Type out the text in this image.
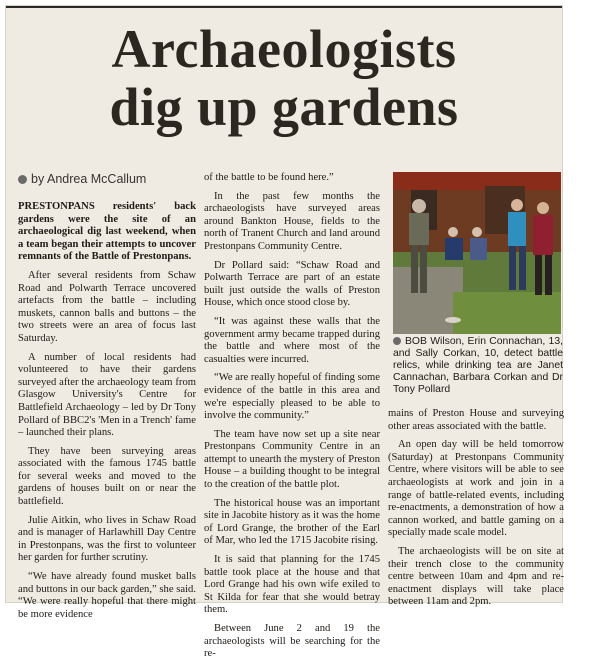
Archaeologists
dig up gardens
by Andrea McCallum

PRESTONPANS residents' back gardens were the site of an archaeological dig last weekend, when a team began their attempts to uncover remnants of the Battle of Prestonpans.

After several residents from Schaw Road and Polwarth Terrace uncovered artefacts from the battle – including muskets, cannon balls and buttons – the two streets were an area of focus last Saturday.

A number of local residents had volunteered to have their gardens surveyed after the archaeology team from Glasgow University's Centre for Battlefield Archaeology – led by Dr Tony Pollard of BBC2's 'Men in a Trench' fame – launched their plans.

They have been surveying areas associated with the famous 1745 battle for several weeks and moved to the gardens of houses built on or near the battlefield.

Julie Aitkin, who lives in Schaw Road and is manager of Harlawhill Day Centre in Prestonpans, was the first to volunteer her garden for further scrutiny.

“We have already found musket balls and buttons in our back garden,” she said. “We were really hopeful that there might be more evidence

of the battle to be found here.”

In the past few months the archaeologists have surveyed areas around Bankton House, fields to the north of Tranent Church and land around Prestonpans Community Centre.

Dr Pollard said: “Schaw Road and Polwarth Terrace are part of an estate built just outside the walls of Preston House, which once stood close by.

“It was against these walls that the government army became trapped during the battle and where most of the casualties were incurred.

“We are really hopeful of finding some evidence of the battle in this area and we're especially pleased to be able to involve the community.”

The team have now set up a site near Prestonpans Community Centre in an attempt to unearth the mystery of Preston House – a building thought to be integral to the creation of the battle plot.

The historical house was an important site in Jacobite history as it was the home of Lord Grange, the brother of the Earl of Mar, who led the 1715 Jacobite rising.

It is said that planning for the 1745 battle took place at the house and that Lord Grange had his own wife exiled to St Kilda for fear that she would betray them.

Between June 2 and 19 the archaeologists will be searching for the re-

BOB Wilson, Erin Connachan, 13, and Sally Corkan, 10, detect battle relics, while drinking tea are Janet Cannachan, Barbara Corkan and Dr Tony Pollard

mains of Preston House and surveying other areas associated with the battle.

An open day will be held tomorrow (Saturday) at Prestonpans Community Centre, where visitors will be able to see archaeologists at work and join in a range of battle-related events, including re-enactments, a demonstration of how a cannon worked, and battle gaming on a specially made scale model.

The archaeologists will be on site at their trench close to the community centre between 10am and 4pm and re-enactment displays will take place between 11am and 2pm.
